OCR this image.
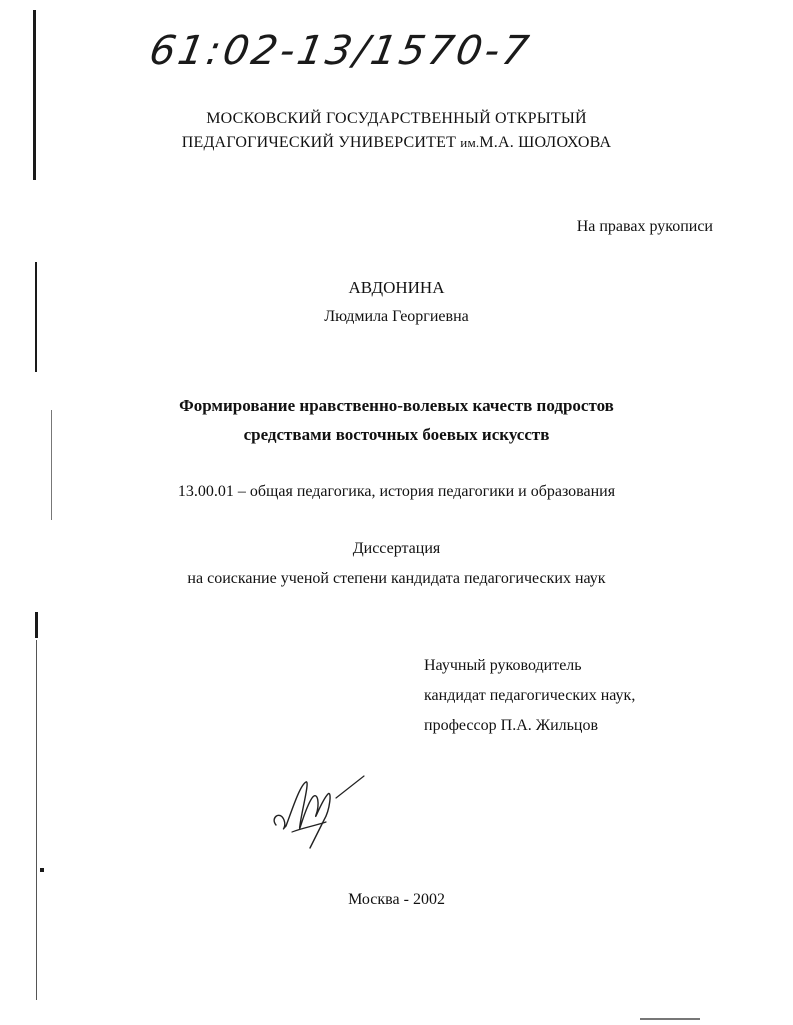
61:02-13/1570-7
МОСКОВСКИЙ ГОСУДАРСТВЕННЫЙ ОТКРЫТЫЙ
ПЕДАГОГИЧЕСКИЙ УНИВЕРСИТЕТ им.М.А. ШОЛОХОВА
На правах рукописи
АВДОНИНА
Людмила Георгиевна
Формирование нравственно-волевых качеств подростов
средствами восточных боевых искусств
13.00.01 – общая педагогика, история педагогики и образования
Диссертация
на соискание ученой степени кандидата педагогических наук
Научный руководитель
кандидат педагогических наук,
профессор П.А. Жильцов
Москва - 2002
